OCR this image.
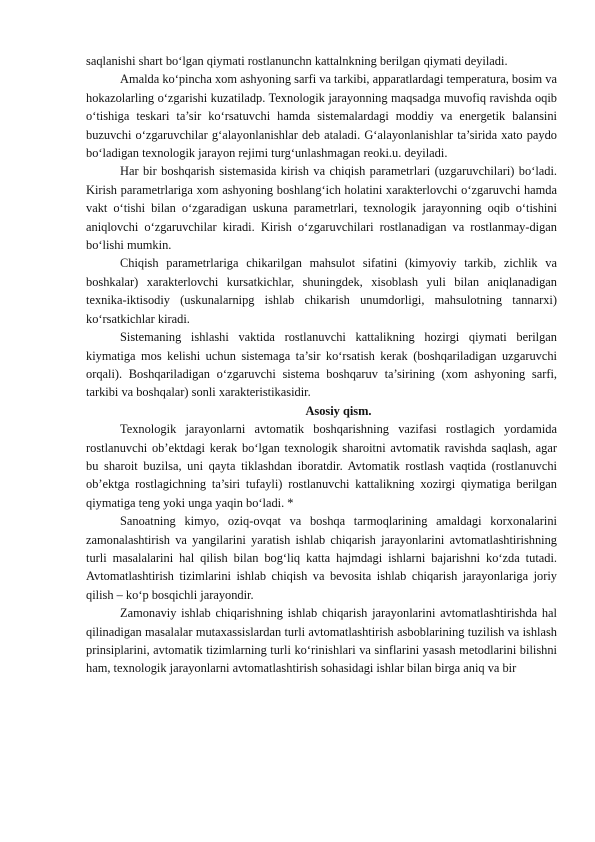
saqlanishi shart bo‘lgan qiymati rostlanunchn kattalnkning berilgan qiymati deyiladi.

Amalda ko‘pincha xom ashyoning sarfi va tarkibi, apparatlardagi temperatura, bosim va hokazolarling o‘zgarishi kuzatiladp. Texnologik jarayonning maqsadga muvofiq ravishda oqib o‘tishiga teskari ta’sir ko‘rsatuvchi hamda sistemalardagi moddiy va energetik balansini buzuvchi o‘zgaruvchilar g‘alayonlanishlar deb ataladi. G‘alayonlanishlar ta’sirida xato paydo bo‘ladigan texnologik jarayon rejimi turg‘unlashmagan reoki.u. deyiladi.

Har bir boshqarish sistemasida kirish va chiqish parametrlari (uzgaruvchilari) bo‘ladi. Kirish parametrlariga xom ashyoning boshlang‘ich holatini xarakterlovchi o‘zgaruvchi hamda vakt o‘tishi bilan o‘zgaradigan uskuna parametrlari, texnologik jarayonning oqib o‘tishini aniqlovchi o‘zgaruvchilar kiradi. Kirish o‘zgaruvchilari rostlanadigan va rostlanmay-digan bo‘lishi mumkin.

Chiqish parametrlariga chikarilgan mahsulot sifatini (kimyoviy tarkib, zichlik va boshkalar) xarakterlovchi kursatkichlar, shuningdek, xisoblash yuli bilan aniqlanadigan texnika-iktisodiy (uskunalarnipg ishlab chikarish unumdorligi, mahsulotning tannarxi) ko‘rsatkichlar kiradi.

Sistemaning ishlashi vaktida rostlanuvchi kattalikning hozirgi qiymati berilgan kiymatiga mos kelishi uchun sistemaga ta’sir ko‘rsatish kerak (boshqariladigan uzgaruvchi orqali). Boshqariladigan o‘zgaruvchi sistema boshqaruv ta’sirining (xom ashyoning sarfi, tarkibi va boshqalar) sonli xarakteristikasidir.

Asosiy qism.

Texnologik jarayonlarni avtomatik boshqarishning vazifasi rostlagich yordamida rostlanuvchi ob’ektdagi kerak bo‘lgan texnologik sharoitni avtomatik ravishda saqlash, agar bu sharoit buzilsa, uni qayta tiklashdan iboratdir. Avtomatik rostlash vaqtida (rostlanuvchi ob’ektga rostlagichning ta’siri tufayli) rostlanuvchi kattalikning xozirgi qiymatiga berilgan qiymatiga teng yoki unga yaqin bo‘ladi. *

Sanoatning kimyo, oziq-ovqat va boshqa tarmoqlarining amaldagi korxonalarini zamonalashtirish va yangilarini yaratish ishlab chiqarish jarayonlarini avtomatlashtirishning turli masalalarini hal qilish bilan bog‘liq katta hajmdagi ishlarni bajarishni ko‘zda tutadi. Avtomatlashtirish tizimlarini ishlab chiqish va bevosita ishlab chiqarish jarayonlariga joriy qilish – ko‘p bosqichli jarayondir.

Zamonaviy ishlab chiqarishning ishlab chiqarish jarayonlarini avtomatlashtirishda hal qilinadigan masalalar mutaxassislardan turli avtomatlashtirish asboblarining tuzilish va ishlash prinsiplarini, avtomatik tizimlarning turli ko‘rinishlari va sinflarini yasash metodlarini bilishni ham, texnologik jarayonlarni avtomatlashtirish sohasidagi ishlar bilan birga aniq va bir
